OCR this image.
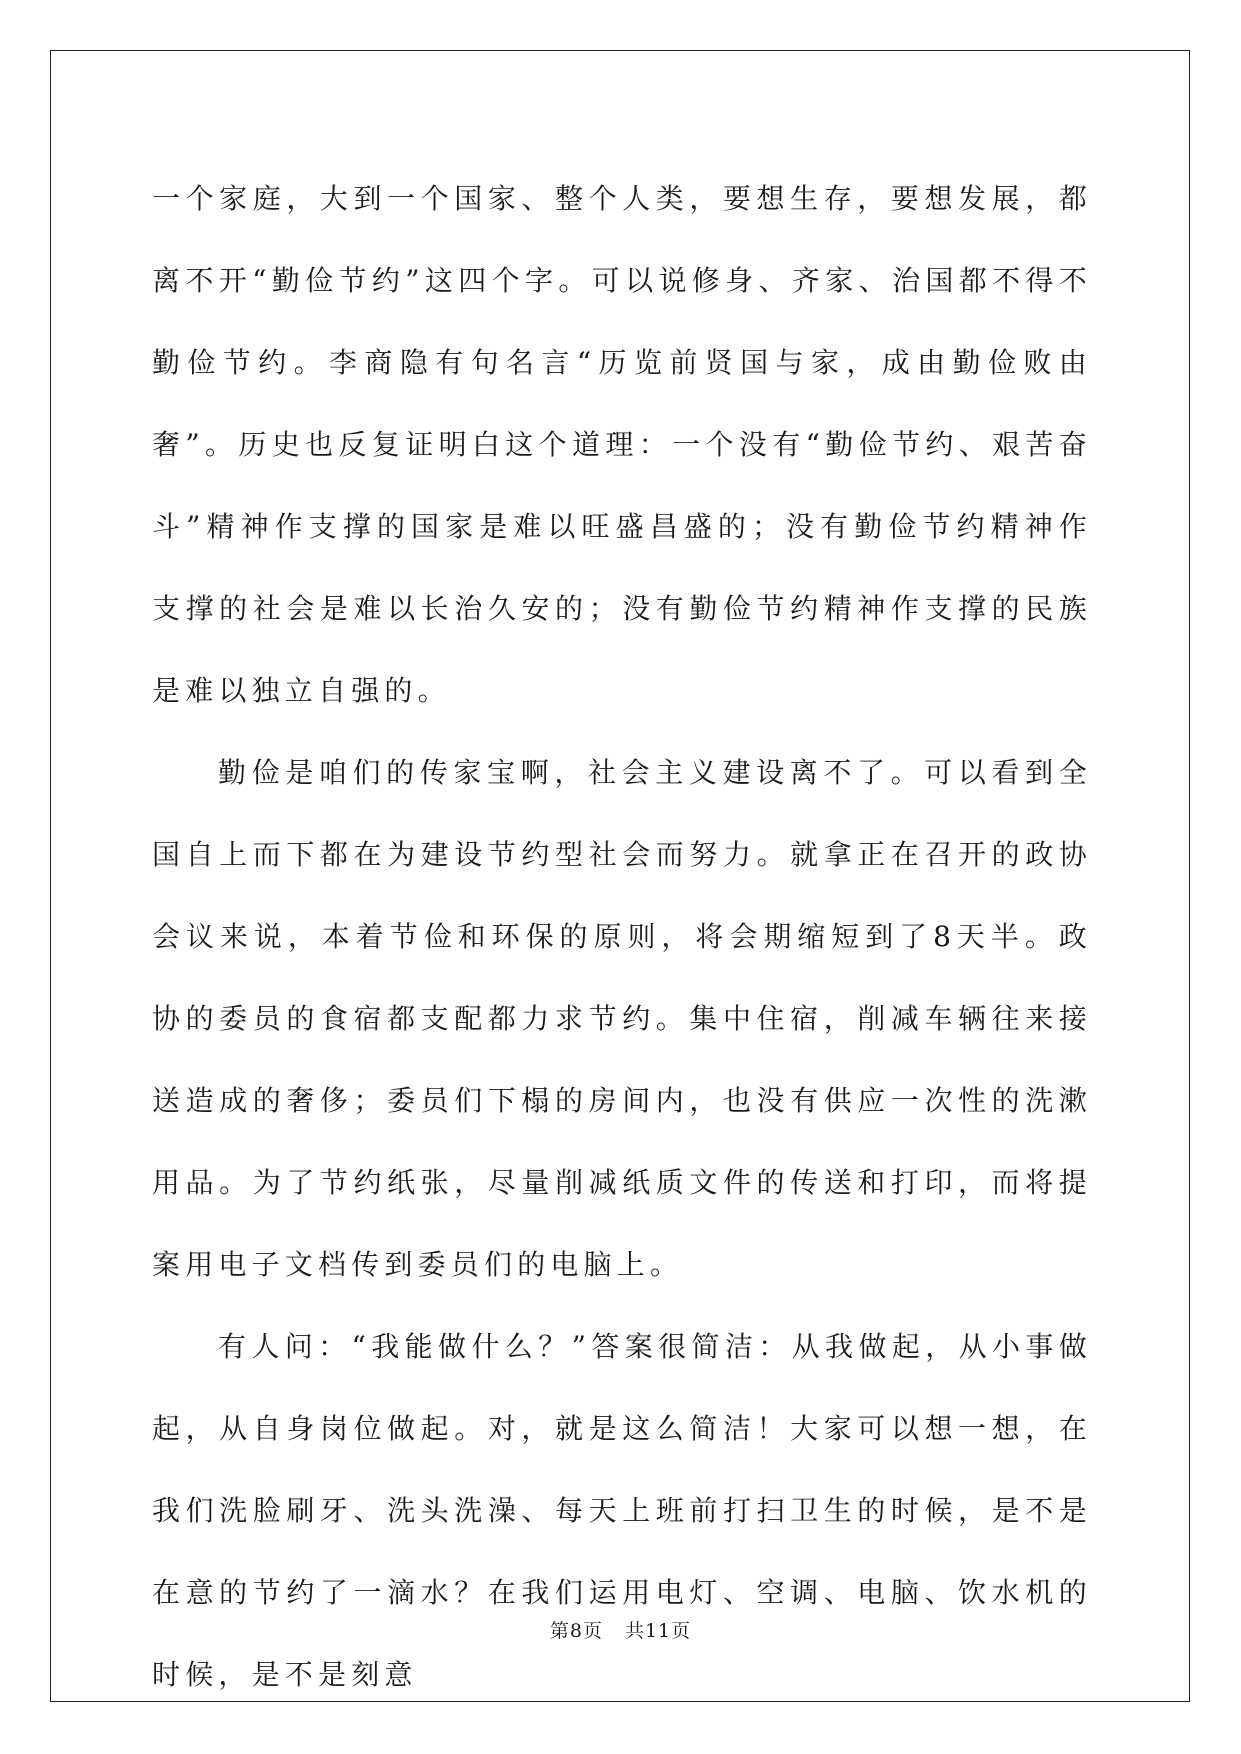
一个家庭，大到一个国家、整个人类，要想生存，要想发展，都离不开“勤俭节约”这四个字。可以说修身、齐家、治国都不得不勤俭节约。李商隐有句名言“历览前贤国与家，成由勤俭败由奢”。历史也反复证明白这个道理：一个没有“勤俭节约、艰苦奋斗”精神作支撑的国家是难以旺盛昌盛的；没有勤俭节约精神作支撑的社会是难以长治久安的；没有勤俭节约精神作支撑的民族是难以独立自强的。

勤俭是咱们的传家宝啊，社会主义建设离不了。可以看到全国自上而下都在为建设节约型社会而努力。就拿正在召开的政协会议来说，本着节俭和环保的原则，将会期缩短到了8天半。政协的委员的食宿都支配都力求节约。集中住宿，削减车辆往来接送造成的奢侈；委员们下榻的房间内，也没有供应一次性的洗漱用品。为了节约纸张，尽量削减纸质文件的传送和打印，而将提案用电子文档传到委员们的电脑上。

有人问：“我能做什么？”答案很简洁：从我做起，从小事做起，从自身岗位做起。对，就是这么简洁！大家可以想一想，在我们洗脸刷牙、洗头洗澡、每天上班前打扫卫生的时候，是不是在意的节约了一滴水？在我们运用电灯、空调、电脑、饮水机的时候，是不是刻意

第8页 共11页
